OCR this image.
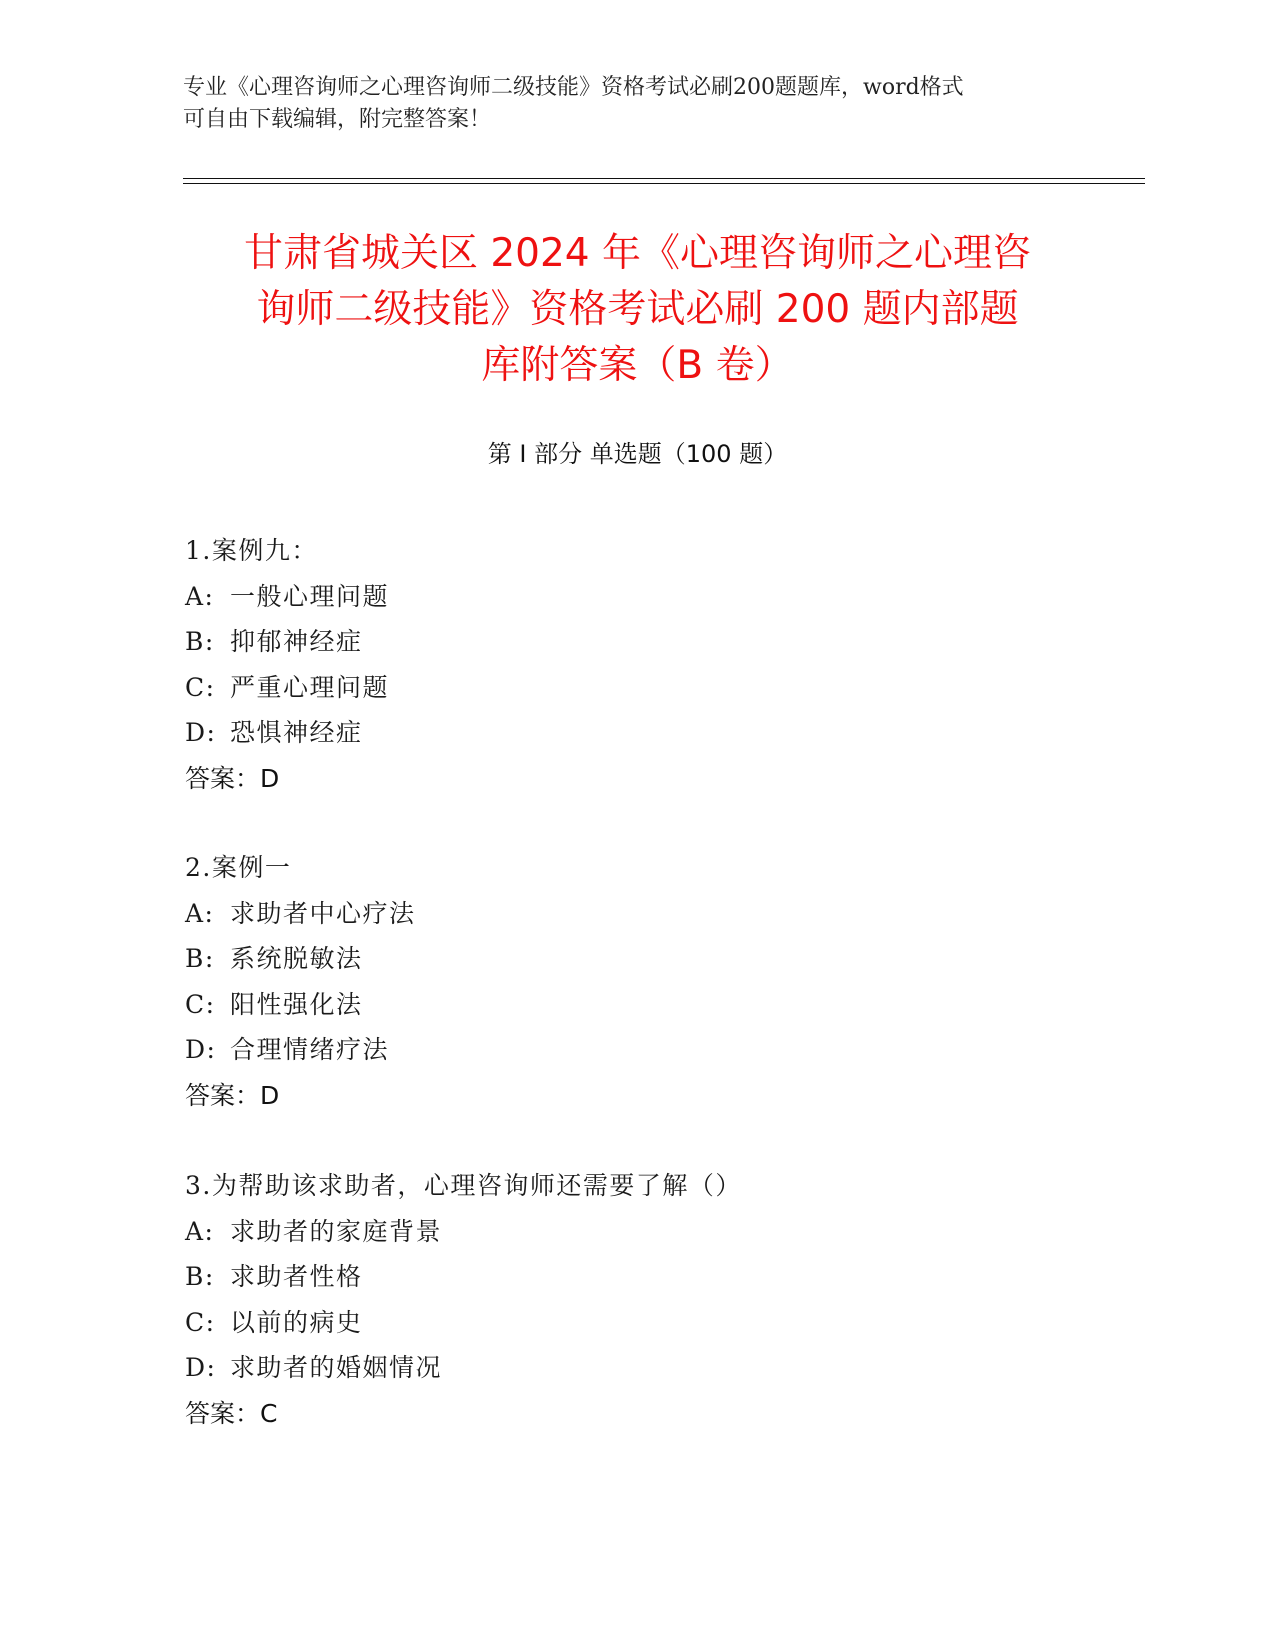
专业《心理咨询师之心理咨询师二级技能》资格考试必刷200题题库，word格式
可自由下载编辑，附完整答案！
甘肃省城关区 2024 年《心理咨询师之心理咨
询师二级技能》资格考试必刷 200 题内部题
库附答案（B 卷）
第 I 部分 单选题（100 题）
1.案例九：
A: 一般心理问题
B: 抑郁神经症
C: 严重心理问题
D: 恐惧神经症
答案：D
2.案例一
A: 求助者中心疗法
B: 系统脱敏法
C: 阳性强化法
D: 合理情绪疗法
答案：D
3.为帮助该求助者，心理咨询师还需要了解（）
A: 求助者的家庭背景
B: 求助者性格
C: 以前的病史
D: 求助者的婚姻情况
答案：C
